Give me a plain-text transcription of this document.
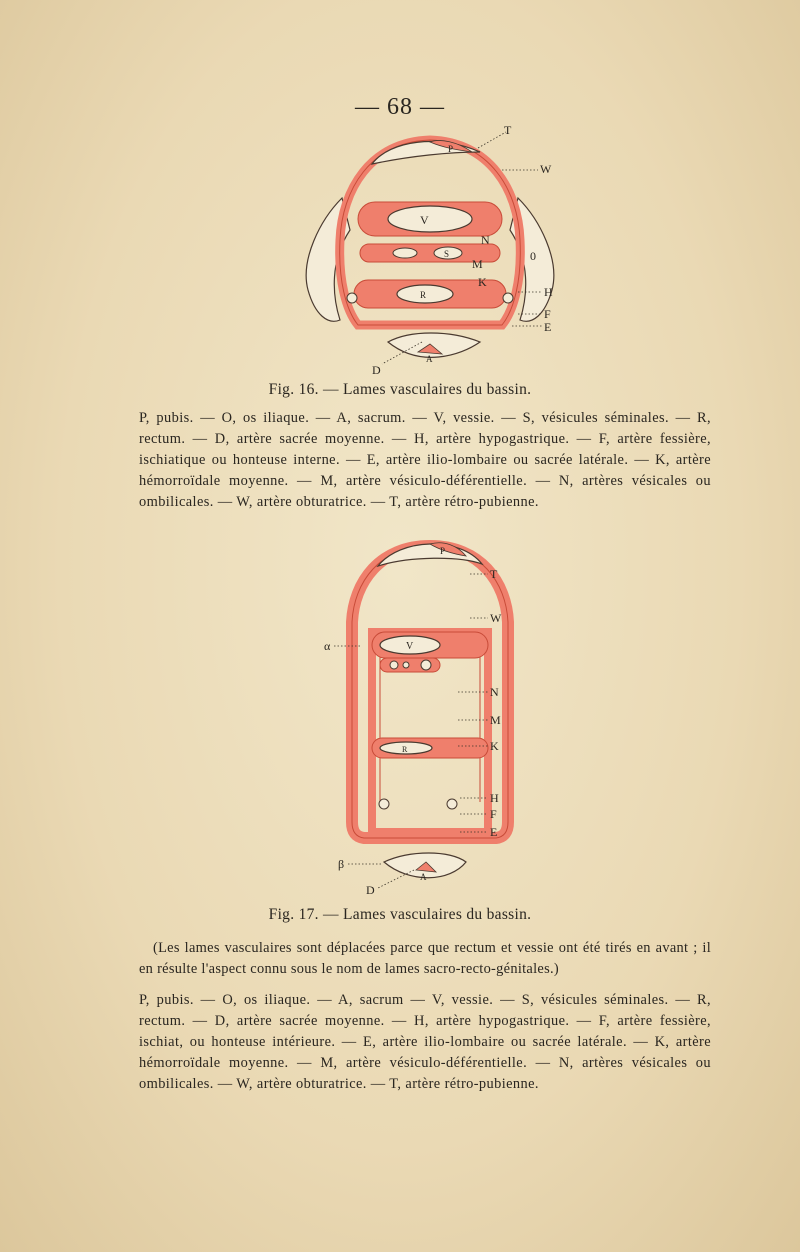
— 68 —
T
W
P
V
N
0
S
M
K
R	H
F
E
A
D
Fig. 16. — Lames vasculaires du bassin.
P, pubis. — O, os iliaque. — A, sacrum. — V, vessie. — S, vésicules séminales. — R, rectum. — D, artère sacrée moyenne. — H, artère hypogastrique. — F, artère fessière, ischiatique ou honteuse interne. — E, artère ilio-lombaire ou sacrée latérale. — K, artère hémorroïdale moyenne. — M, artère vésiculo-déférentielle. — N, artères vésicales ou ombilicales. — W, artère obturatrice. — T, artère rétro-pubienne.
T
W
α
P
V
N
M
K
R
H
F
E
β
A
D
Fig. 17. — Lames vasculaires du bassin.
(Les lames vasculaires sont déplacées parce que rectum et vessie ont été tirés en avant ; il en résulte l'aspect connu sous le nom de lames sacro-recto-génitales.)
P, pubis. — O, os iliaque. — A, sacrum — V, vessie. — S, vésicules séminales. — R, rectum. — D, artère sacrée moyenne. — H, artère hypogastrique. — F, artère fessière, ischiat, ou honteuse intérieure. — E, artère ilio-lombaire ou sacrée latérale. — K, artère hémorroïdale moyenne. — M, artère vésiculo-déférentielle. — N, artères vésicales ou ombilicales. — W, artère obturatrice. — T, artère rétro-pubienne.
